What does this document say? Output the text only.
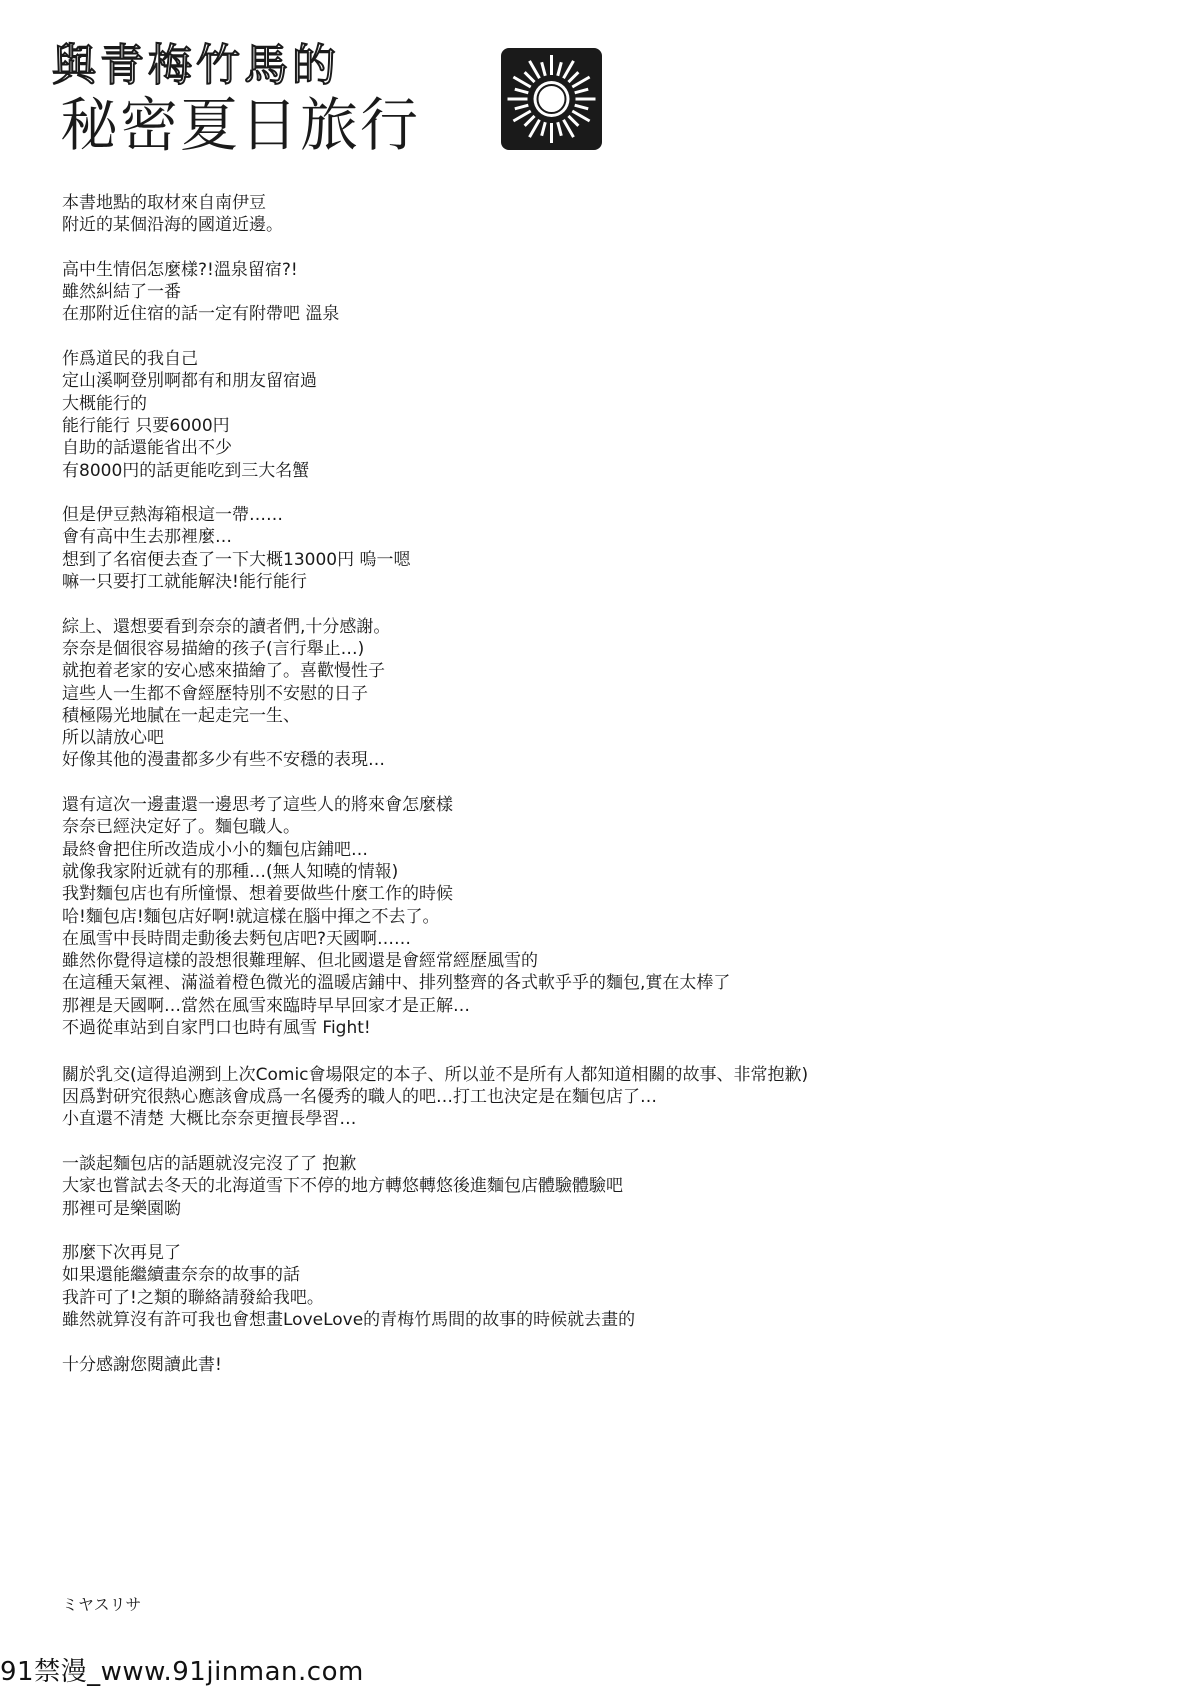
與青梅竹馬的
秘密夏日旅行
本書地點的取材來自南伊豆
附近的某個沿海的國道近邊。
高中生情侶怎麼樣?!溫泉留宿?!
雖然糾結了一番
在那附近住宿的話一定有附帶吧 溫泉
作爲道民的我自己
定山溪啊登別啊都有和朋友留宿過
大概能行的
能行能行 只要6000円
自助的話還能省出不少
有8000円的話更能吃到三大名蟹
但是伊豆熱海箱根這一帶……
會有高中生去那裡麼…
想到了名宿便去查了一下大概13000円 嗚一嗯
嘛一只要打工就能解決!能行能行
綜上、還想要看到奈奈的讀者們,十分感謝。
奈奈是個很容易描繪的孩子(言行舉止…)
就抱着老家的安心感來描繪了。喜歡慢性子
這些人一生都不會經歷特別不安慰的日子
積極陽光地膩在一起走完一生、
所以請放心吧
好像其他的漫畫都多少有些不安穩的表現…
還有這次一邊畫還一邊思考了這些人的將來會怎麼樣
奈奈已經決定好了。麵包職人。
最終會把住所改造成小小的麵包店鋪吧…
就像我家附近就有的那種…(無人知曉的情報)
我對麵包店也有所憧憬、想着要做些什麼工作的時候
哈!麵包店!麵包店好啊!就這樣在腦中揮之不去了。
在風雪中長時間走動後去麪包店吧?天國啊……
雖然你覺得這樣的設想很難理解、但北國還是會經常經歷風雪的
在這種天氣裡、滿溢着橙色微光的溫暖店鋪中、排列整齊的各式軟乎乎的麵包,實在太棒了
那裡是天國啊…當然在風雪來臨時早早回家才是正解…
不過從車站到自家門口也時有風雪 Fight!
關於乳交(這得追溯到上次Comic會場限定的本子、所以並不是所有人都知道相關的故事、非常抱歉)
因爲對研究很熱心應該會成爲一名優秀的職人的吧…打工也決定是在麵包店了…
小直還不清楚 大概比奈奈更擅長學習…
一談起麵包店的話題就沒完沒了了 抱歉
大家也嘗試去冬天的北海道雪下不停的地方轉悠轉悠後進麵包店體驗體驗吧
那裡可是樂園喲
那麼下次再見了
如果還能繼續畫奈奈的故事的話
我許可了!之類的聯絡請發給我吧。
雖然就算沒有許可我也會想畫LoveLove的青梅竹馬間的故事的時候就去畫的
十分感謝您閱讀此書!
ミヤスリサ
91禁漫_www.91jinman.com
